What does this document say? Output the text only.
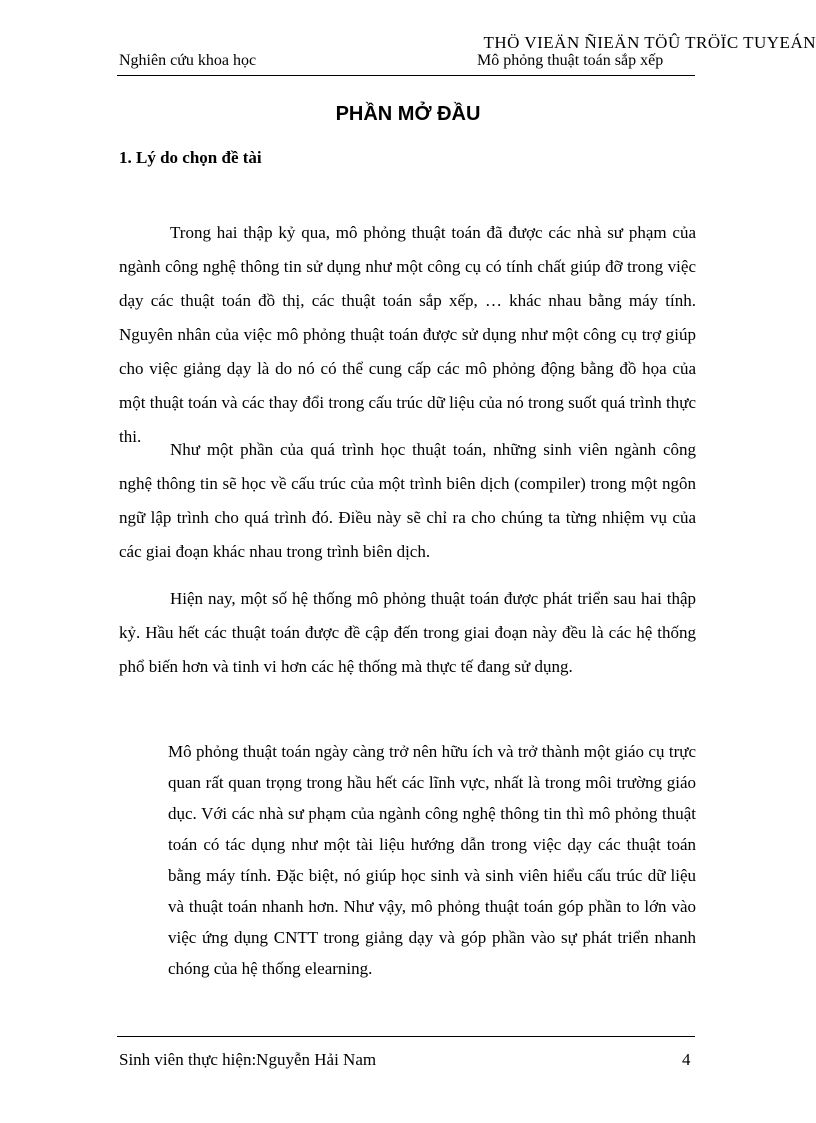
THÖ VIEÄN ÑIEÄN TÖÛ TRÖÏC TUYEÁN
Nghiên cứu khoa học	Mô phỏng thuật toán sắp xếp
PHẦN MỞ ĐẦU
1. Lý do chọn đề tài

Trong hai thập kỷ qua, mô phỏng thuật toán đã được các nhà sư phạm của ngành công nghệ thông tin sử dụng như một công cụ có tính chất giúp đỡ trong việc dạy các thuật toán đồ thị, các thuật toán sắp xếp, … khác nhau bằng máy tính. Nguyên nhân của việc mô phỏng thuật toán được sử dụng như một công cụ trợ giúp cho việc giảng dạy là do nó có thể cung cấp các mô phỏng động bằng đồ họa của một thuật toán và các thay đổi trong cấu trúc dữ liệu của nó trong suốt quá trình thực thi.

Như một phần của quá trình học thuật toán, những sinh viên ngành công nghệ thông tin sẽ học về cấu trúc của một trình biên dịch (compiler) trong một ngôn ngữ lập trình cho quá trình đó. Điều này sẽ chỉ ra cho chúng ta từng nhiệm vụ của các giai đoạn khác nhau trong trình biên dịch.

Hiện nay, một số hệ thống mô phỏng thuật toán được phát triển sau hai thập kỷ. Hầu hết các thuật toán được đề cập đến trong giai đoạn này đều là các hệ thống phổ biến hơn và tinh vi hơn các hệ thống mà thực tế đang sử dụng.

Mô phỏng thuật toán ngày càng trở nên hữu ích và trở thành một giáo cụ trực quan rất quan trọng trong hầu hết các lĩnh vực, nhất là trong môi trường giáo dục. Với các nhà sư phạm của ngành công nghệ thông tin thì mô phỏng thuật toán có tác dụng như một tài liệu hướng dẫn trong việc dạy các thuật toán bằng máy tính. Đặc biệt, nó giúp học sinh và sinh viên hiểu cấu trúc dữ liệu và thuật toán nhanh hơn. Như vậy, mô phỏng thuật toán góp phần to lớn vào việc ứng dụng CNTT trong giảng dạy và góp phần vào sự phát triển nhanh chóng của hệ thống elearning.

Sinh viên thực hiện:Nguyễn Hải Nam	4
